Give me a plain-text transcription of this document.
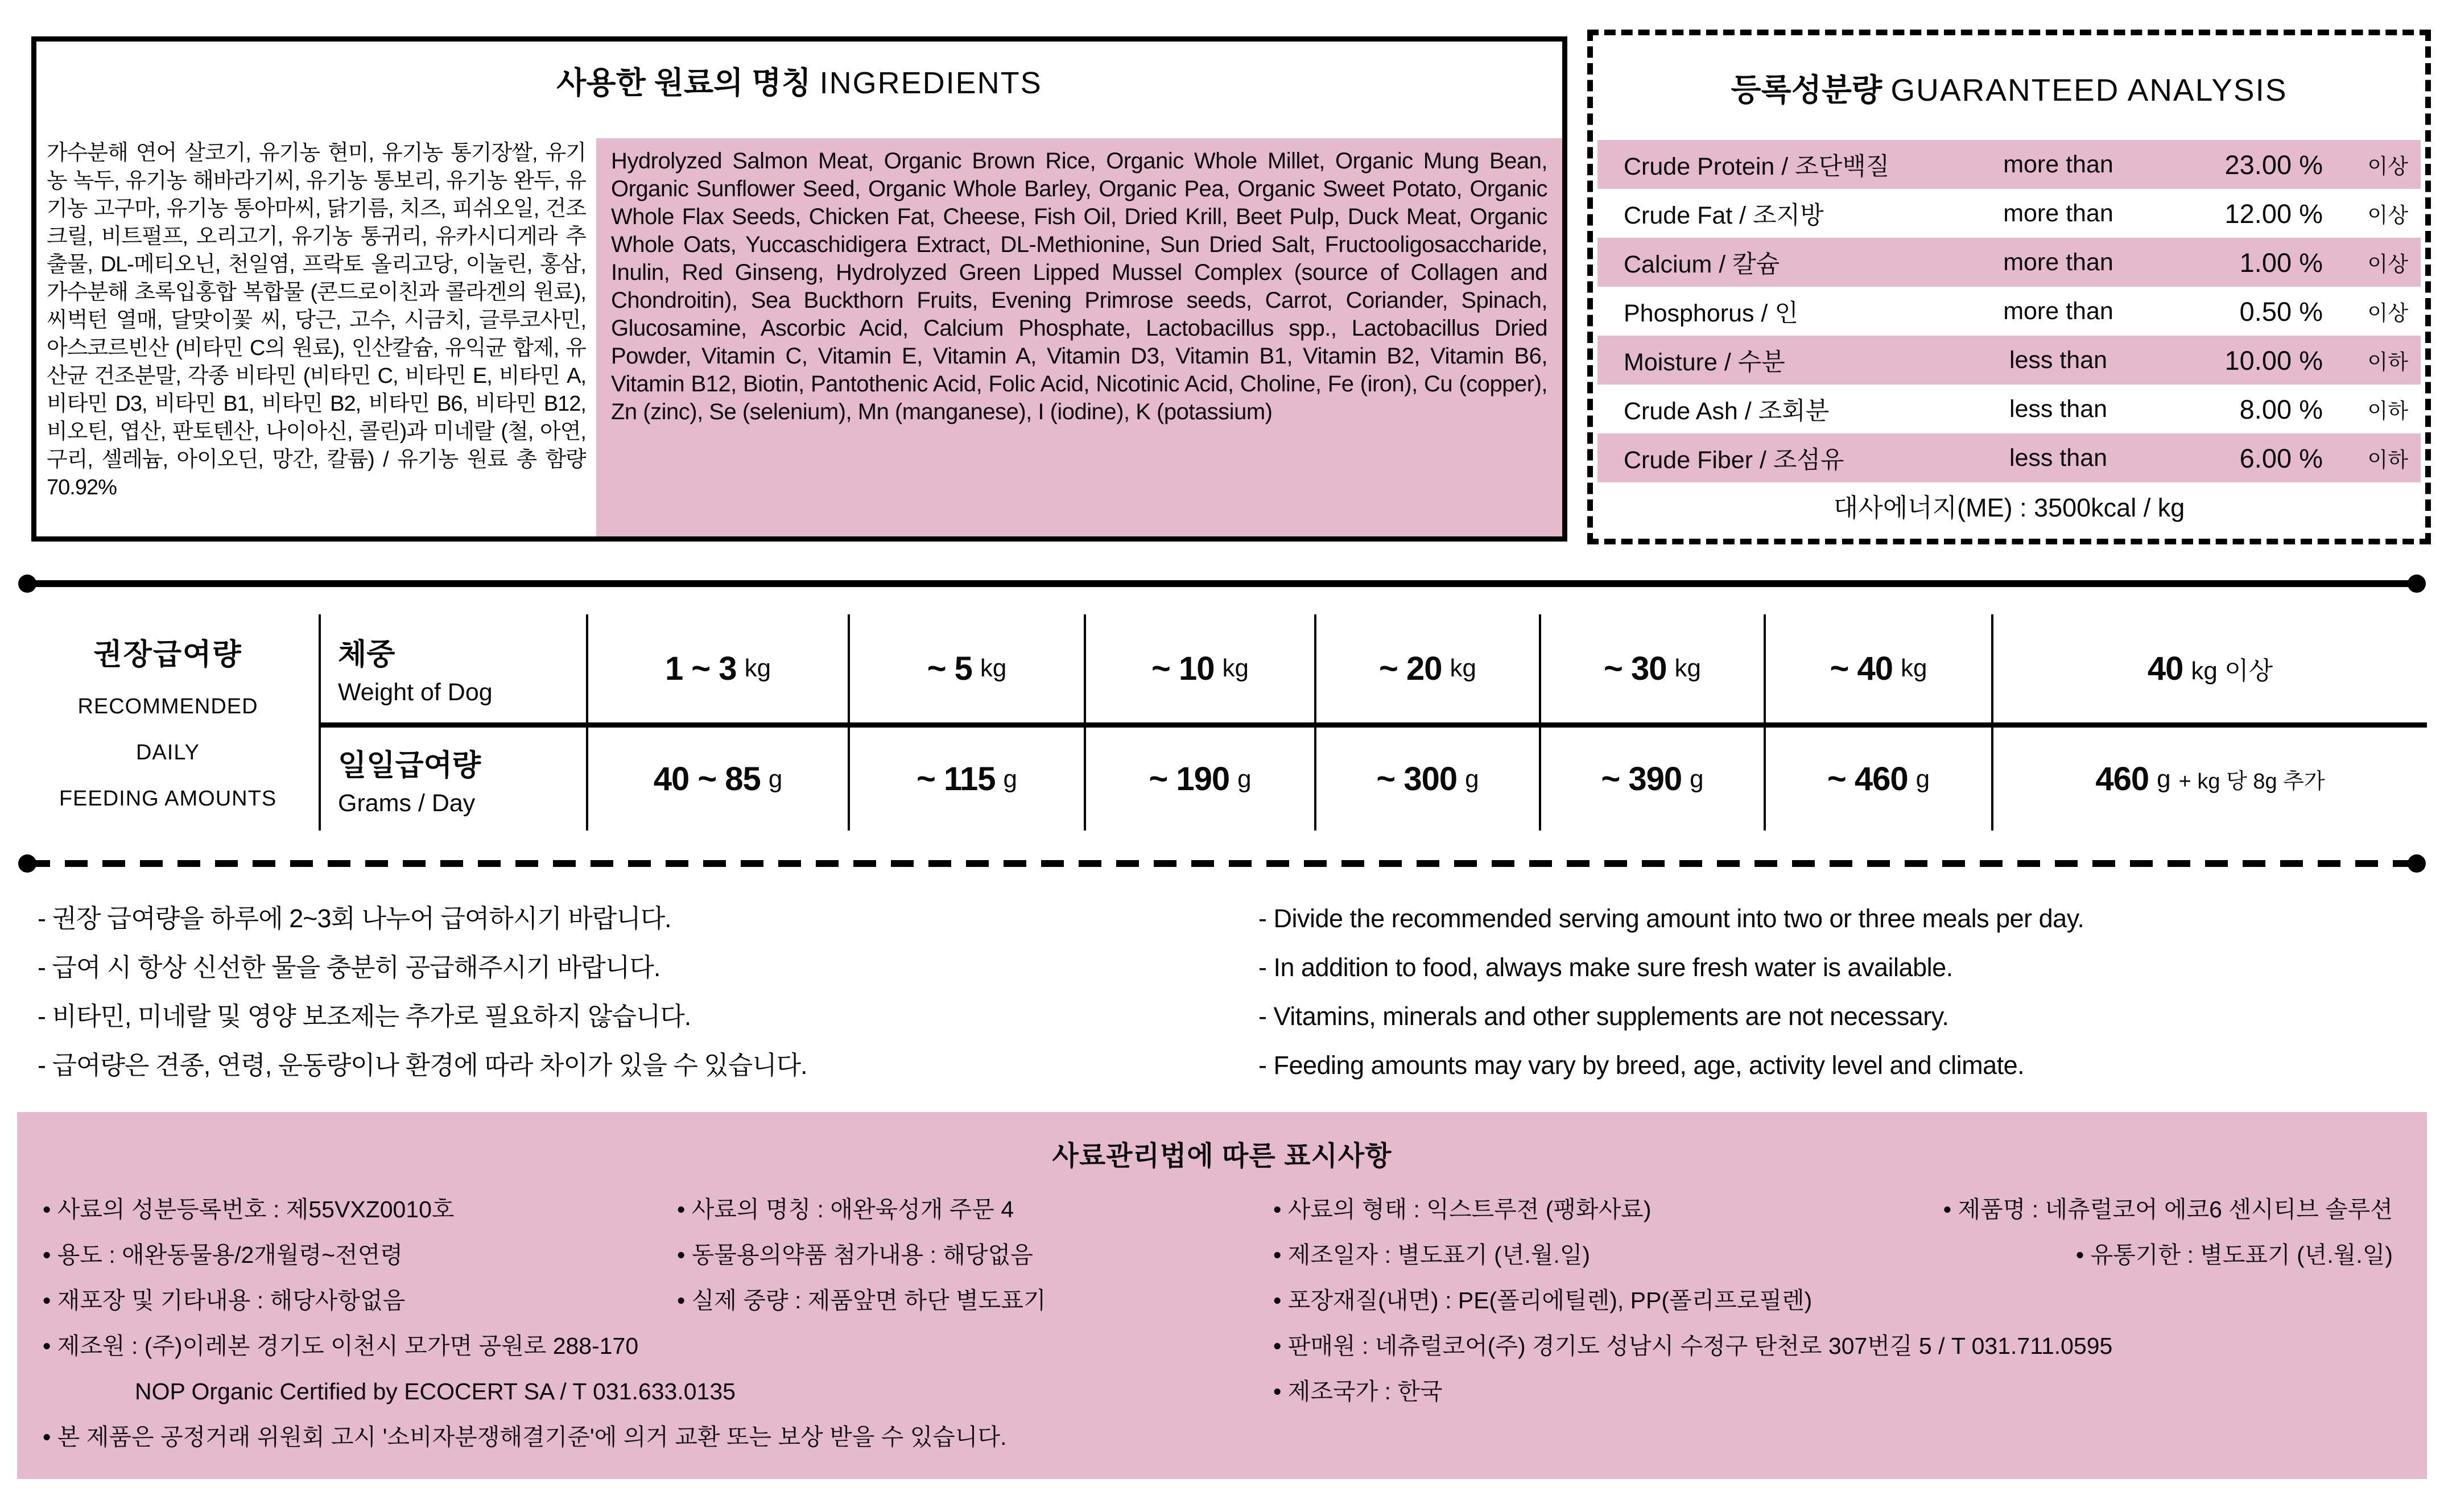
사용한 원료의 명칭 INGREDIENTS
가수분해 연어 살코기, 유기농 현미, 유기농 통기장쌀, 유기농 녹두, 유기농 해바라기씨, 유기농 통보리, 유기농 완두, 유기농 고구마, 유기농 통아마씨, 닭기름, 치즈, 피쉬오일, 건조크릴, 비트펄프, 오리고기, 유기농 통귀리, 유카시디게라 추출물, DL-메티오닌, 천일염, 프락토 올리고당, 이눌린, 홍삼, 가수분해 초록입홍합 복합물 (콘드로이친과 콜라겐의 원료), 씨벅턴 열매, 달맞이꽃 씨, 당근, 고수, 시금치, 글루코사민, 아스코르빈산 (비타민 C의 원료), 인산칼슘, 유익균 합제, 유산균 건조분말, 각종 비타민 (비타민 C, 비타민 E, 비타민 A, 비타민 D3, 비타민 B1, 비타민 B2, 비타민 B6, 비타민 B12, 비오틴, 엽산, 판토텐산, 나이아신, 콜린)과 미네랄 (철, 아연, 구리, 셀레늄, 아이오딘, 망간, 칼륨) / 유기농 원료 총 함량 70.92%
Hydrolyzed Salmon Meat, Organic Brown Rice, Organic Whole Millet, Organic Mung Bean, Organic Sunflower Seed, Organic Whole Barley, Organic Pea, Organic Sweet Potato, Organic Whole Flax Seeds, Chicken Fat, Cheese, Fish Oil, Dried Krill, Beet Pulp, Duck Meat, Organic Whole Oats, Yuccaschidigera Extract, DL-Methionine, Sun Dried Salt, Fructooligosaccharide, Inulin, Red Ginseng, Hydrolyzed Green Lipped Mussel Complex (source of Collagen and Chondroitin), Sea Buckthorn Fruits, Evening Primrose seeds, Carrot, Coriander, Spinach, Glucosamine, Ascorbic Acid, Calcium Phosphate, Lactobacillus spp., Lactobacillus Dried Powder, Vitamin C, Vitamin E, Vitamin A, Vitamin D3, Vitamin B1, Vitamin B2, Vitamin B6, Vitamin B12, Biotin, Pantothenic Acid, Folic Acid, Nicotinic Acid, Choline, Fe (iron), Cu (copper), Zn (zinc), Se (selenium), Mn (manganese), I (iodine), K (potassium)
등록성분량 GUARANTEED ANALYSIS
Crude Protein / 조단백질	more than	23.00 %	이상
Crude Fat / 조지방	more than	12.00 %	이상
Calcium / 칼슘	more than	1.00 %	이상
Phosphorus / 인	more than	0.50 %	이상
Moisture / 수분	less than	10.00 %	이하
Crude Ash / 조회분	less than	8.00 %	이하
Crude Fiber / 조섬유	less than	6.00 %	이하
대사에너지(ME) : 3500kcal / kg
권장급여량
RECOMMENDED
DAILY
FEEDING AMOUNTS
체중
Weight of Dog
1 ~ 3 kg	~ 5 kg	~ 10 kg	~ 20 kg	~ 30 kg	~ 40 kg	40 kg 이상
일일급여량
Grams / Day
40 ~ 85 g	~ 115 g	~ 190 g	~ 300 g	~ 390 g	~ 460 g	460 g + kg 당 8g 추가
- 권장 급여량을 하루에 2~3회 나누어 급여하시기 바랍니다.
- 급여 시 항상 신선한 물을 충분히 공급해주시기 바랍니다.
- 비타민, 미네랄 및 영양 보조제는 추가로 필요하지 않습니다.
- 급여량은 견종, 연령, 운동량이나 환경에 따라 차이가 있을 수 있습니다.
- Divide the recommended serving amount into two or three meals per day.
- In addition to food, always make sure fresh water is available.
- Vitamins, minerals and other supplements are not necessary.
- Feeding amounts may vary by breed, age, activity level and climate.
사료관리법에 따른 표시사항
• 사료의 성분등록번호 : 제55VXZ0010호	• 사료의 명칭 : 애완육성개 주문 4	• 사료의 형태 : 익스트루젼 (팽화사료)	• 제품명 : 네츄럴코어 에코6 센시티브 솔루션
• 용도 : 애완동물용/2개월령~전연령	• 동물용의약품 첨가내용 : 해당없음	• 제조일자 : 별도표기 (년.월.일)	• 유통기한 : 별도표기 (년.월.일)
• 재포장 및 기타내용 : 해당사항없음	• 실제 중량 : 제품앞면 하단 별도표기	• 포장재질(내면) : PE(폴리에틸렌), PP(폴리프로필렌)
• 제조원 : (주)이레본 경기도 이천시 모가면 공원로 288-170	• 판매원 : 네츄럴코어(주) 경기도 성남시 수정구 탄천로 307번길 5 / T 031.711.0595
NOP Organic Certified by ECOCERT SA / T 031.633.0135	• 제조국가 : 한국
• 본 제품은 공정거래 위원회 고시 '소비자분쟁해결기준'에 의거 교환 또는 보상 받을 수 있습니다.
